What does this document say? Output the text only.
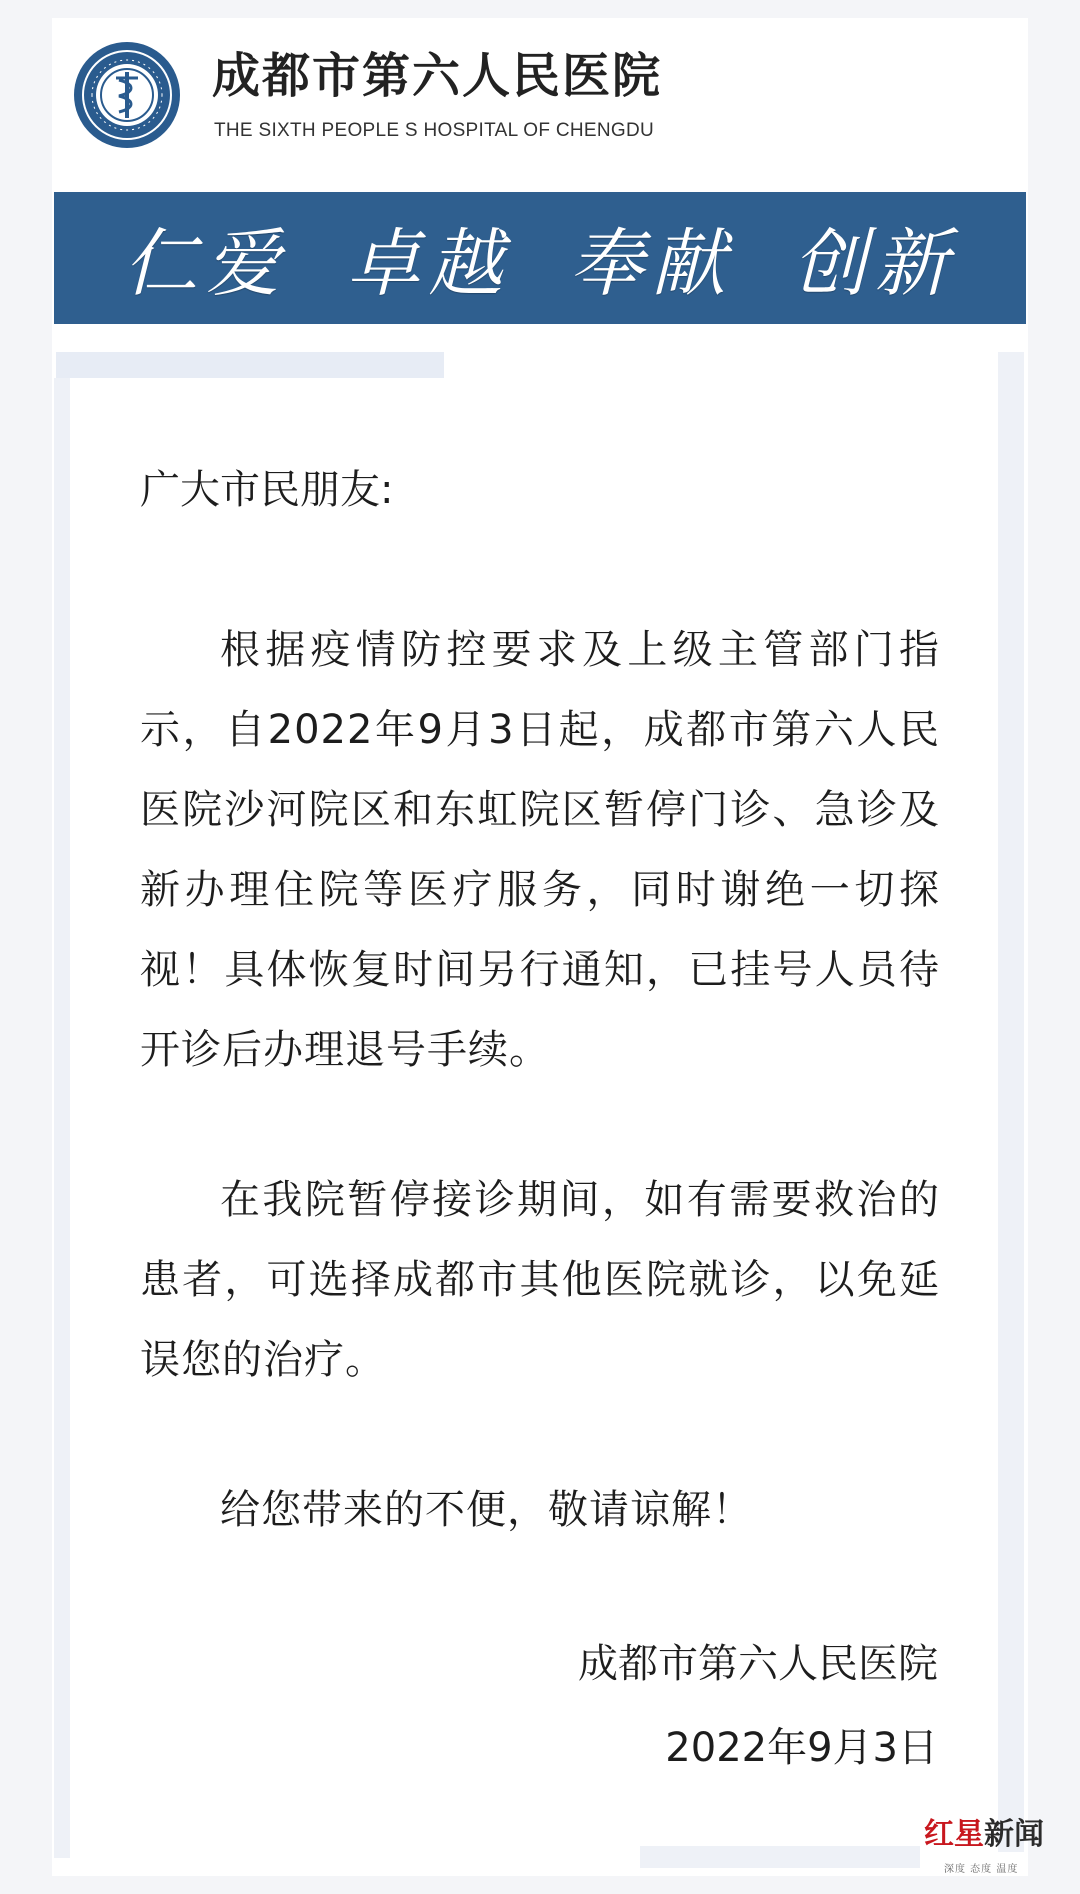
成都市第六人民医院
THE SIXTH PEOPLE S HOSPITAL OF CHENGDU
仁爱 卓越 奉献 创新

广大市民朋友:

根据疫情防控要求及上级主管部门指示，自2022年9月3日起，成都市第六人民医院沙河院区和东虹院区暂停门诊、急诊及新办理住院等医疗服务，同时谢绝一切探视！具体恢复时间另行通知，已挂号人员待开诊后办理退号手续。

在我院暂停接诊期间，如有需要救治的患者，可选择成都市其他医院就诊，以免延误您的治疗。

给您带来的不便，敬请谅解！

成都市第六人民医院
2022年9月3日
红星新闻
深度 态度 温度
